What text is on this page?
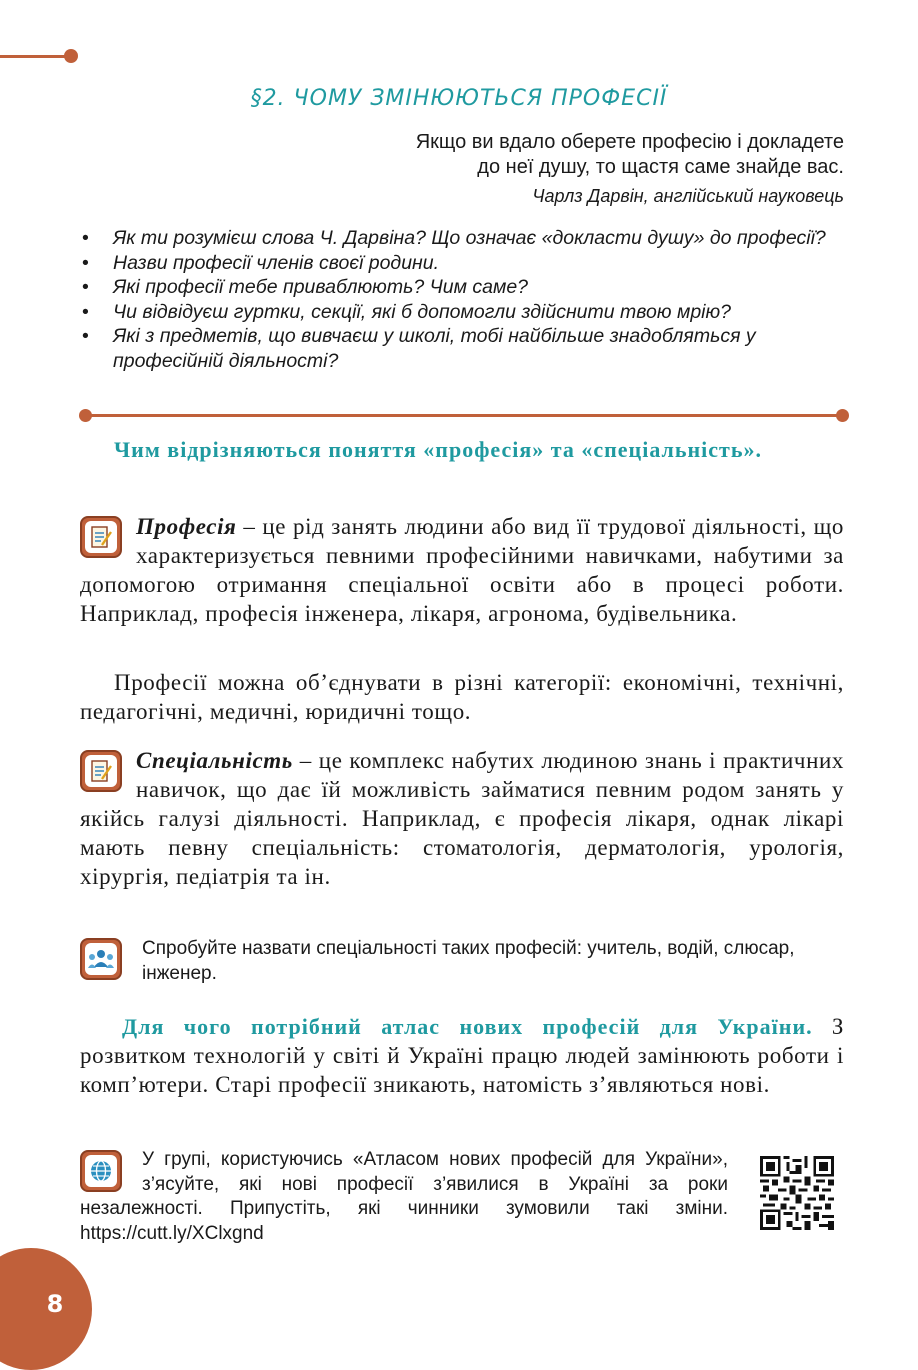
§2. ЧОМУ ЗМІНЮЮТЬСЯ ПРОФЕСІЇ
Якщо ви вдало оберете професію і докладете
до неї душу, то щастя саме знайде вас.
Чарлз Дарвін, англійський науковець
• Як ти розумієш слова Ч. Дарвіна? Що означає «докласти душу» до професії?
• Назви професії членів своєї родини.
• Які професії тебе приваблюють? Чим саме?
• Чи відвідуєш гуртки, секції, які б допомогли здійснити твою мрію?
• Які з предметів, що вивчаєш у школі, тобі найбільше знадобляться у професійній діяльності?
Чим відрізняються поняття «професія» та «спеціальність».
Професія – це рід занять людини або вид її трудової діяльності, що характеризується певними професійними навичками, набутими за допомогою отримання спеціальної освіти або в процесі роботи. Наприклад, професія інженера, лікаря, агронома, будівельника.
Професії можна об’єднувати в різні категорії: економічні, технічні, педагогічні, медичні, юридичні тощо.
Спеціальність – це комплекс набутих людиною знань і практичних навичок, що дає їй можливість займатися певним родом занять у якійсь галузі діяльності. Наприклад, є професія лікаря, однак лікарі мають певну спеціальність: стоматологія, дерматологія, урологія, хірургія, педіатрія та ін.
Спробуйте назвати спеціальності таких професій: учитель, водій, слюсар, інженер.
Для чого потрібний атлас нових професій для України. З розвитком технологій у світі й Україні працю людей замінюють роботи і комп’ютери. Старі професії зникають, натомість з’являються нові.
У групі, користуючись «Атласом нових професій для України», з’ясуйте, які нові професії з’явилися в Україні за роки незалежності. Припустіть, які чинники зумовили такі зміни. https://cutt.ly/XClxgnd
8
